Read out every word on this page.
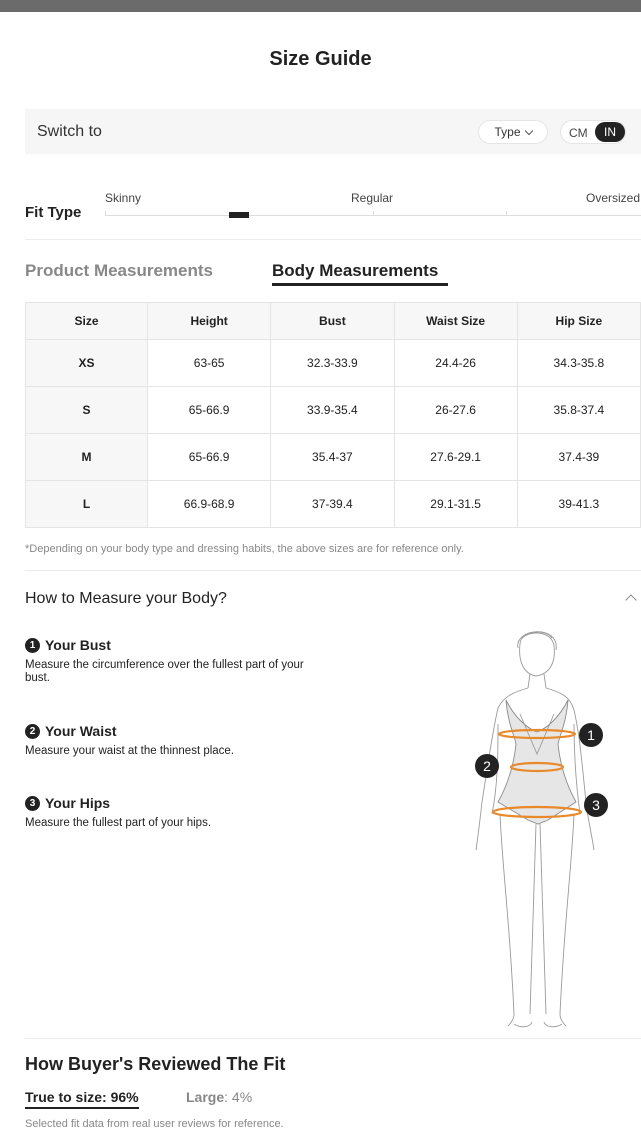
Size Guide
Switch to	Type	CM	IN
Fit Type
Skinny	Regular	Oversized
Product Measurements	Body Measurements
Size	Height	Bust	Waist Size	Hip Size
XS	63-65	32.3-33.9	24.4-26	34.3-35.8
S	65-66.9	33.9-35.4	26-27.6	35.8-37.4
M	65-66.9	35.4-37	27.6-29.1	37.4-39
L	66.9-68.9	37-39.4	29.1-31.5	39-41.3
*Depending on your body type and dressing habits, the above sizes are for reference only.
How to Measure your Body?
1 Your Bust
Measure the circumference over the fullest part of your bust.
2 Your Waist
Measure your waist at the thinnest place.
3 Your Hips
Measure the fullest part of your hips.
1
2
3
How Buyer's Reviewed The Fit
True to size: 96%	Large: 4%
Selected fit data from real user reviews for reference.
